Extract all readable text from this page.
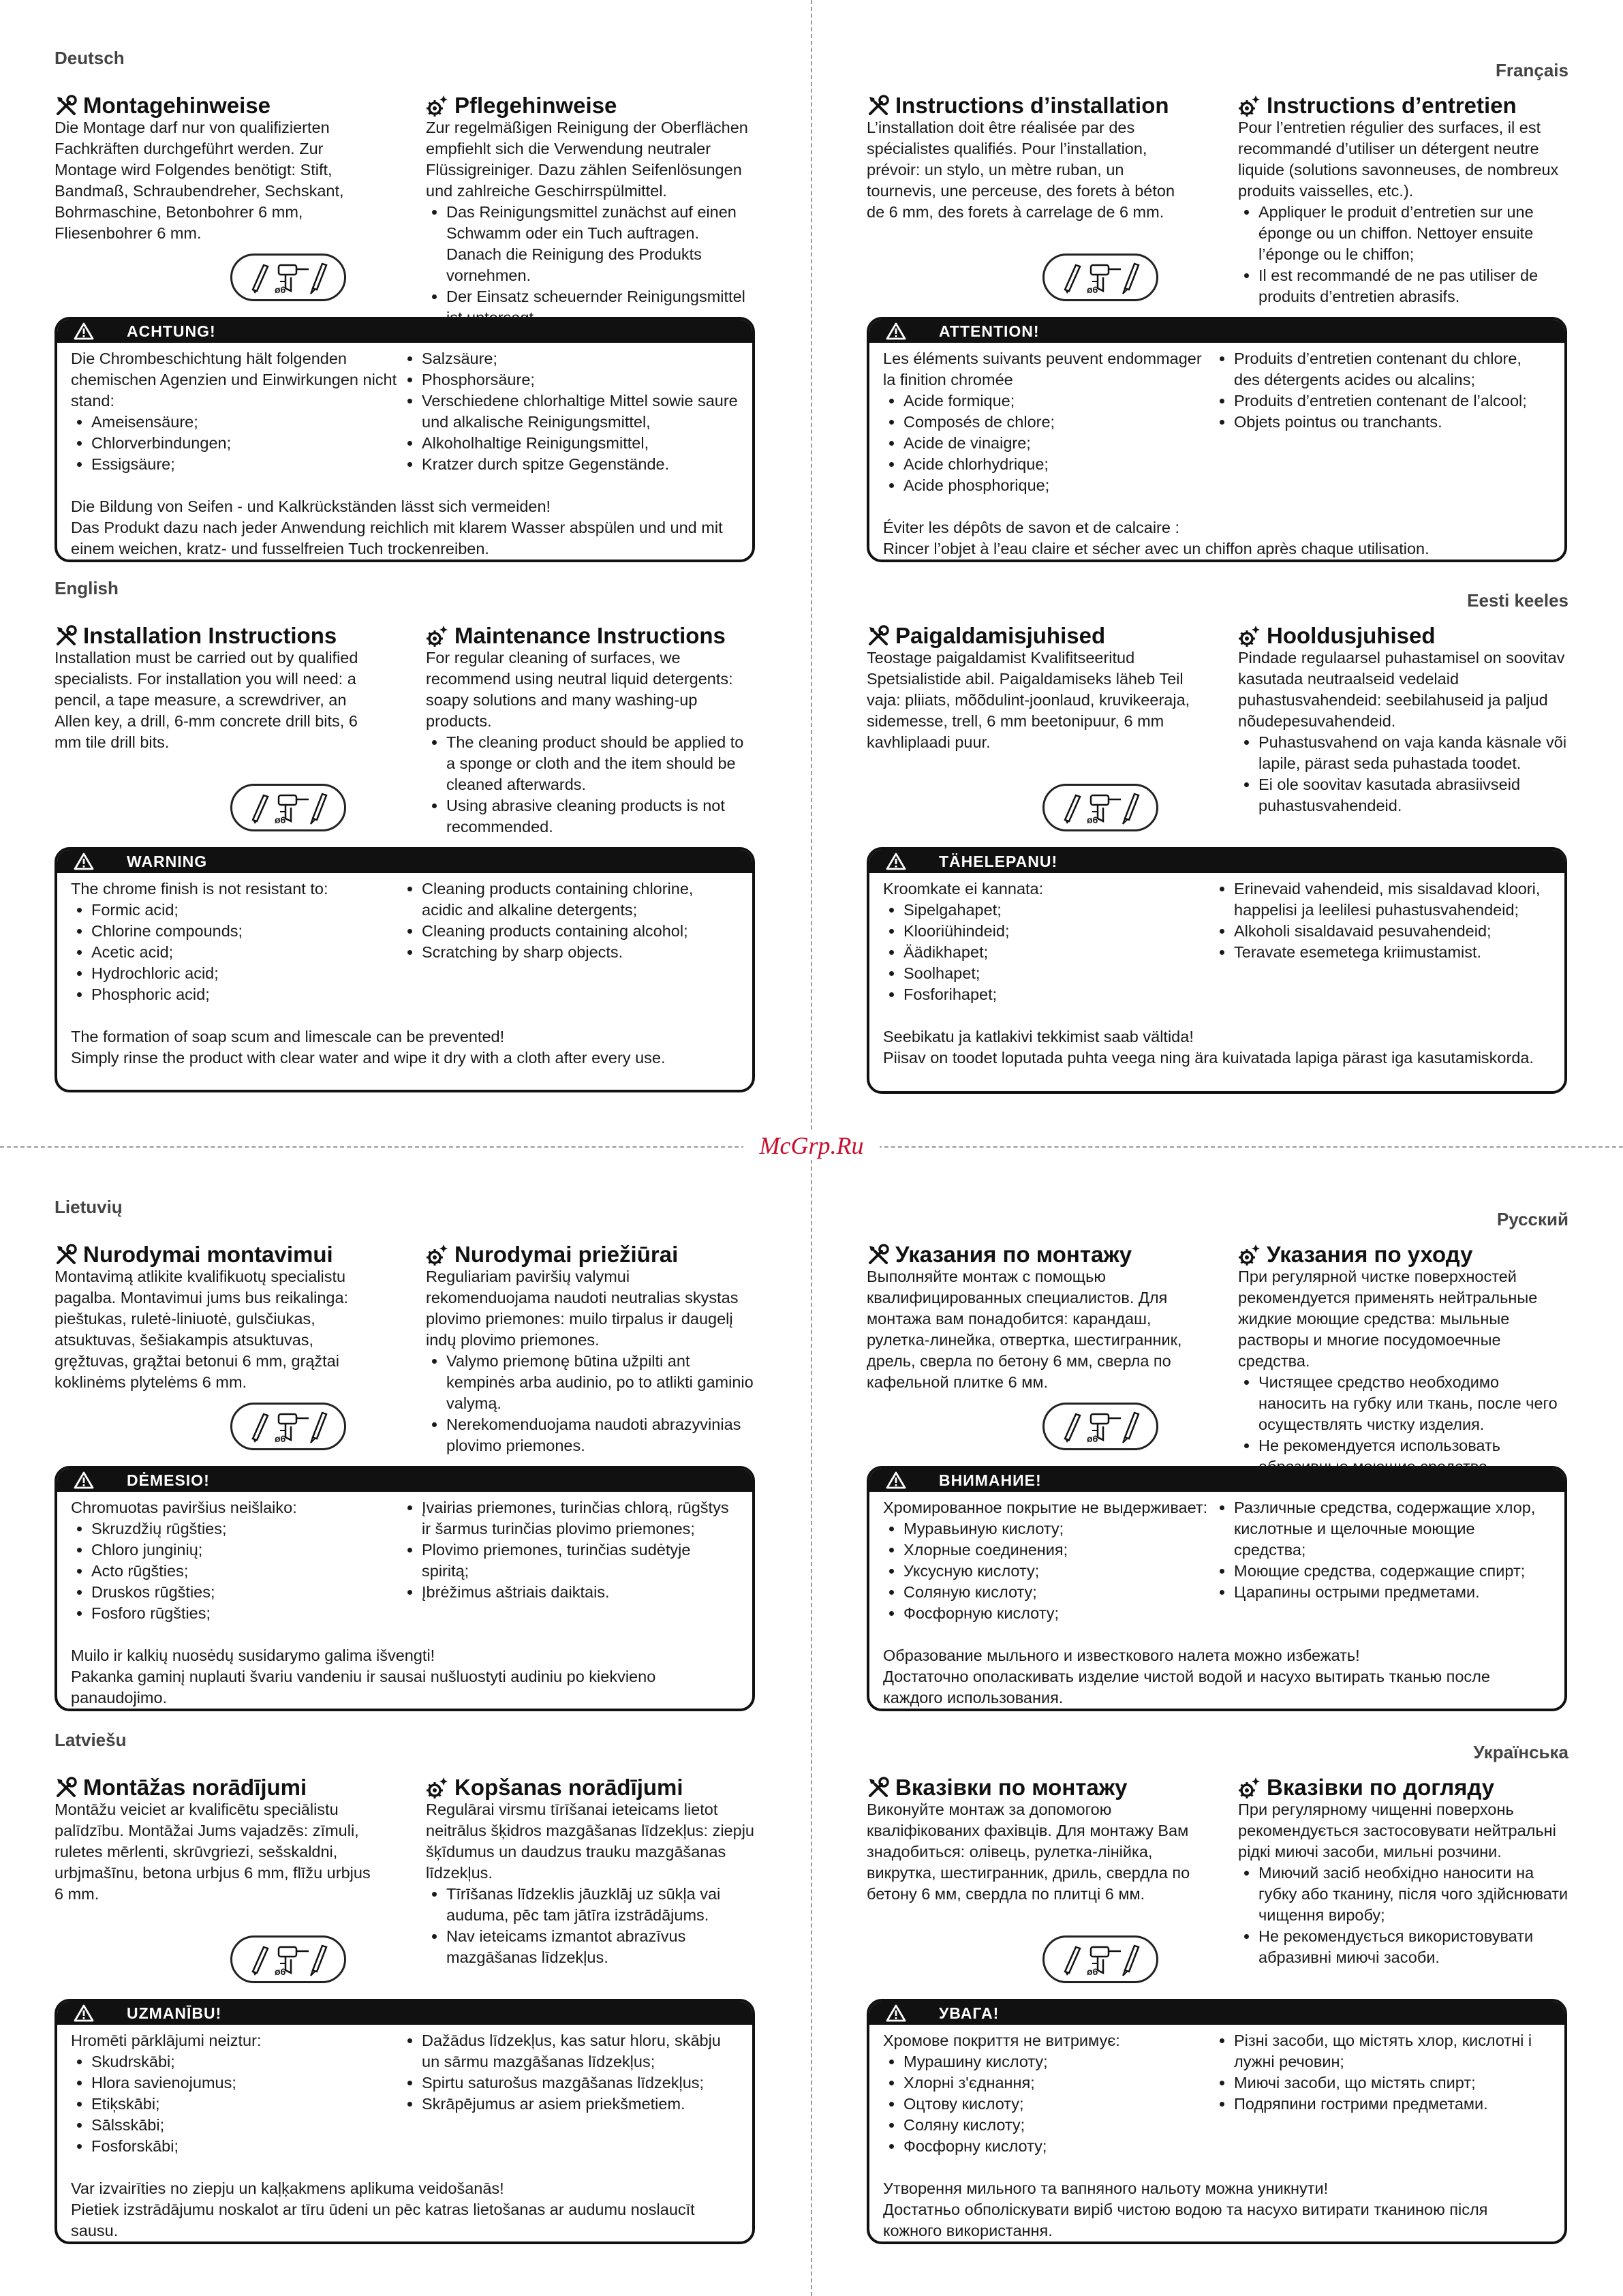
McGrp.Ru
Deutsch
Montagehinweise	Pflegehinweise

Die Montage darf nur von qualifizierten Fachkräften durchgeführt werden. Zur Montage wird Folgendes benötigt: Stift, Bandmaß, Schraubendreher, Sechskant, Bohrmaschine, Betonbohrer 6 mm, Fliesenbohrer 6 mm.

Zur regelmäßigen Reinigung der Oberflächen empfiehlt sich die Verwendung neutraler Flüssigreiniger. Dazu zählen Seifenlösungen und zahlreiche Geschirrspülmittel.

• Das Reinigungsmittel zunächst auf einen Schwamm oder ein Tuch auftragen. Danach die Reinigung des Produkts vornehmen.
• Der Einsatz scheuernder Reinigungsmittel
ø6
ACHTUNG!

Die Chrombeschichtung hält folgenden chemischen Agenzien und Einwirkungen nicht stand:

• Ameisensäure;
• Chlorverbindungen;
• Essigsäure;
• Salzsäure;
• Phosphorsäure;
• Verschiedene chlorhaltige Mittel sowie saure und alkalische Reinigungsmittel,
• Alkoholhaltige Reinigungsmittel,
• Kratzer durch spitze Gegenstände.

Die Bildung von Seifen - und Kalkrückständen lässt sich vermeiden!

Das Produkt dazu nach jeder Anwendung reichlich mit klarem Wasser abspülen und und mit einem weichen, kratz- und fusselfreien Tuch trockenreiben.

Français
Instructions d’installation	Instructions d’entretien

L’installation doit être réalisée par des spécialistes qualifiés. Pour l’installation, prévoir: un stylo, un mètre ruban, un tournevis, une perceuse, des forets à béton de 6 mm, des forets à carrelage de 6 mm.

Pour l’entretien régulier des surfaces, il est recommandé d’utiliser un détergent neutre liquide (solutions savonneuses, de nombreux produits vaisselles, etc.).

• Appliquer le produit d’entretien sur une éponge ou un chiffon. Nettoyer ensuite l’éponge ou le chiffon;
• Il est recommandé de ne pas utiliser de produits d’entretien abrasifs.
ø6
ATTENTION!

Les éléments suivants peuvent endommager la finition chromée

• Acide formique;
• Composés de chlore;
• Acide de vinaigre;
• Acide chlorhydrique;
• Acide phosphorique;
• Produits d’entretien contenant du chlore, des détergents acides ou alcalins;
• Produits d’entretien contenant de l’alcool;
• Objets pointus ou tranchants.

Éviter les dépôts de savon et de calcaire :

Rincer l’objet à l’eau claire et sécher avec un chiffon après chaque utilisation.

English
Installation Instructions	Maintenance Instructions

Installation must be carried out by qualified specialists. For installation you will need: a pencil, a tape measure, a screwdriver, an Allen key, a drill, 6-mm concrete drill bits, 6 mm tile drill bits.

For regular cleaning of surfaces, we recommend using neutral liquid detergents: soapy solutions and many washing-up products.

• The cleaning product should be applied to a sponge or cloth and the item should be cleaned afterwards.
• Using abrasive cleaning products is not recommended.
ø6
WARNING

The chrome finish is not resistant to:

• Formic acid;
• Chlorine compounds;
• Acetic acid;
• Hydrochloric acid;
• Phosphoric acid;
• Cleaning products containing chlorine, acidic and alkaline detergents;
• Cleaning products containing alcohol;
• Scratching by sharp objects.

The formation of soap scum and limescale can be prevented!

Simply rinse the product with clear water and wipe it dry with a cloth after every use.

Eesti keeles
Paigaldamisjuhised	Hooldusjuhised

Teostage paigaldamist Kvalifitseeritud Spetsialistide abil. Paigaldamiseks läheb Teil vaja: pliiats, mõõdulint-joonlaud, kruvikeeraja, sidemesse, trell, 6 mm beetonipuur, 6 mm kavhliplaadi puur.

Pindade regulaarsel puhastamisel on soovitav kasutada neutraalseid vedelaid puhastusvahendeid: seebilahuseid ja paljud nõudepesuvahendeid.

• Puhastusvahend on vaja kanda käsnale või lapile, pärast seda puhastada toodet.
• Ei ole soovitav kasutada abrasiivseid puhastusvahendeid.
ø6
TÄHELEPANU!

Kroomkate ei kannata:

• Sipelgahapet;
• Klooriühindeid;
• Äädikhapet;
• Soolhapet;
• Fosforihapet;
• Erinevaid vahendeid, mis sisaldavad kloori, happelisi ja leelilesi puhastusvahendeid;
• Alkoholi sisaldavaid pesuvahendeid;
• Teravate esemetega kriimustamist.

Seebikatu ja katlakivi tekkimist saab vältida!

Piisav on toodet loputada puhta veega ning ära kuivatada lapiga pärast iga kasutamiskorda.

Lietuvių
Nurodymai montavimui	Nurodymai priežiūrai

Montavimą atlikite kvalifikuotų specialistu pagalba. Montavimui jums bus reikalinga: pieštukas, ruletė-liniuotė, gulsčiukas, atsuktuvas, šešiakampis atsuktuvas, gręžtuvas, grąžtai betonui 6 mm, grąžtai koklinėms plytelėms 6 mm.

Reguliariam paviršių valymui rekomenduojama naudoti neutralias skystas plovimo priemones: muilo tirpalus ir daugelį indų plovimo priemones.

• Valymo priemonę būtina užpilti ant kempinės arba audinio, po to atlikti gaminio valymą.
• Nerekomenduojama naudoti abrazyvinias plovimo priemones.
ø6
DĖMESIO!

Chromuotas paviršius neišlaiko:

• Skruzdžių rūgšties;
• Chloro junginių;
• Acto rūgšties;
• Druskos rūgšties;
• Fosforo rūgšties;
• Įvairias priemones, turinčias chlorą, rūgštys ir šarmus turinčias plovimo priemones;
• Plovimo priemones, turinčias sudėtyje spiritą;
• Įbrėžimus aštriais daiktais.

Muilo ir kalkių nuosėdų susidarymo galima išvengti!

Pakanka gaminį nuplauti švariu vandeniu ir sausai nušluostyti audiniu po kiekvieno panaudojimo.

Русский
Указания по монтажу	Указания по уходу

Выполняйте монтаж с помощью квалифицированных специалистов. Для монтажа вам понадобится: карандаш, рулетка-линейка, отвертка, шестигранник, дрель, сверла по бетону 6 мм, сверла по кафельной плитке 6 мм.

При регулярной чистке поверхностей рекомендуется применять нейтральные жидкие моющие средства: мыльные растворы и многие посудомоечные средства.

• Чистящее средство необходимо наносить на губку или ткань, после чего осуществлять чистку изделия.
• Не рекомендуется использовать
ø6
ВНИМАНИЕ!

Хромированное покрытие не выдерживает:

• Муравьиную кислоту;
• Хлорные соединения;
• Уксусную кислоту;
• Соляную кислоту;
• Фосфорную кислоту;
• Различные средства, содержащие хлор, кислотные и щелочные моющие средства;
• Моющие средства, содержащие спирт;
• Царапины острыми предметами.

Образование мыльного и известкового налета можно избежать!

Достаточно ополаскивать изделие чистой водой и насухо вытирать тканью после каждого использования.

Latviešu
Montāžas norādījumi	Kopšanas norādījumi

Montāžu veiciet ar kvalificētu speciālistu palīdzību. Montāžai Jums vajadzēs: zīmuli, ruletes mērlenti, skrūvgriezi, sešskaldni, urbjmašīnu, betona urbjus 6 mm, flīžu urbjus 6 mm.

Regulārai virsmu tīrīšanai ieteicams lietot neitrālus šķidros mazgāšanas līdzekļus: ziepju šķīdumus un daudzus trauku mazgāšanas līdzekļus.

• Tīrīšanas līdzeklis jāuzklāj uz sūkļa vai auduma, pēc tam jātīra izstrādājums.
• Nav ieteicams izmantot abrazīvus mazgāšanas līdzekļus.
ø6
UZMANĪBU!

Hromēti pārklājumi neiztur:

• Skudrskābi;
• Hlora savienojumus;
• Etiķskābi;
• Sālsskābi;
• Fosforskābi;
• Dažādus līdzekļus, kas satur hloru, skābju un sārmu mazgāšanas līdzekļus;
• Spirtu saturošus mazgāšanas līdzekļus;
• Skrāpējumus ar asiem priekšmetiem.

Var izvairīties no ziepju un kaļķakmens aplikuma veidošanās!

Pietiek izstrādājumu noskalot ar tīru ūdeni un pēc katras lietošanas ar audumu noslaucīt sausu.

Українська
Вказівки по монтажу	Вказівки по догляду

Виконуйте монтаж за допомогою кваліфікованих фахівців. Для монтажу Вам знадобиться: олівець, рулетка-лінійка, викрутка, шестигранник, дриль, свердла по бетону 6 мм, свердла по плитці 6 мм.

При регулярному чищенні поверхонь рекомендується застосовувати нейтральні рідкі миючі засоби, мильні розчини.

• Миючий засіб необхідно наносити на губку або тканину, після чого здійснювати чищення виробу;
• Не рекомендується використовувати абразивні миючі засоби.
ø6
УВАГА!

Хромове покриття не витримує:

• Мурашину кислоту;
• Хлорні з'єднання;
• Оцтову кислоту;
• Соляну кислоту;
• Фосфорну кислоту;
• Різні засоби, що містять хлор, кислотні і лужні речовин;
• Миючі засоби, що містять спирт;
• Подряпини гострими предметами.

Утворення мильного та вапняного нальоту можна уникнути!

Достатньо обполіскувати виріб чистою водою та насухо витирати тканиною після кожного використання.
